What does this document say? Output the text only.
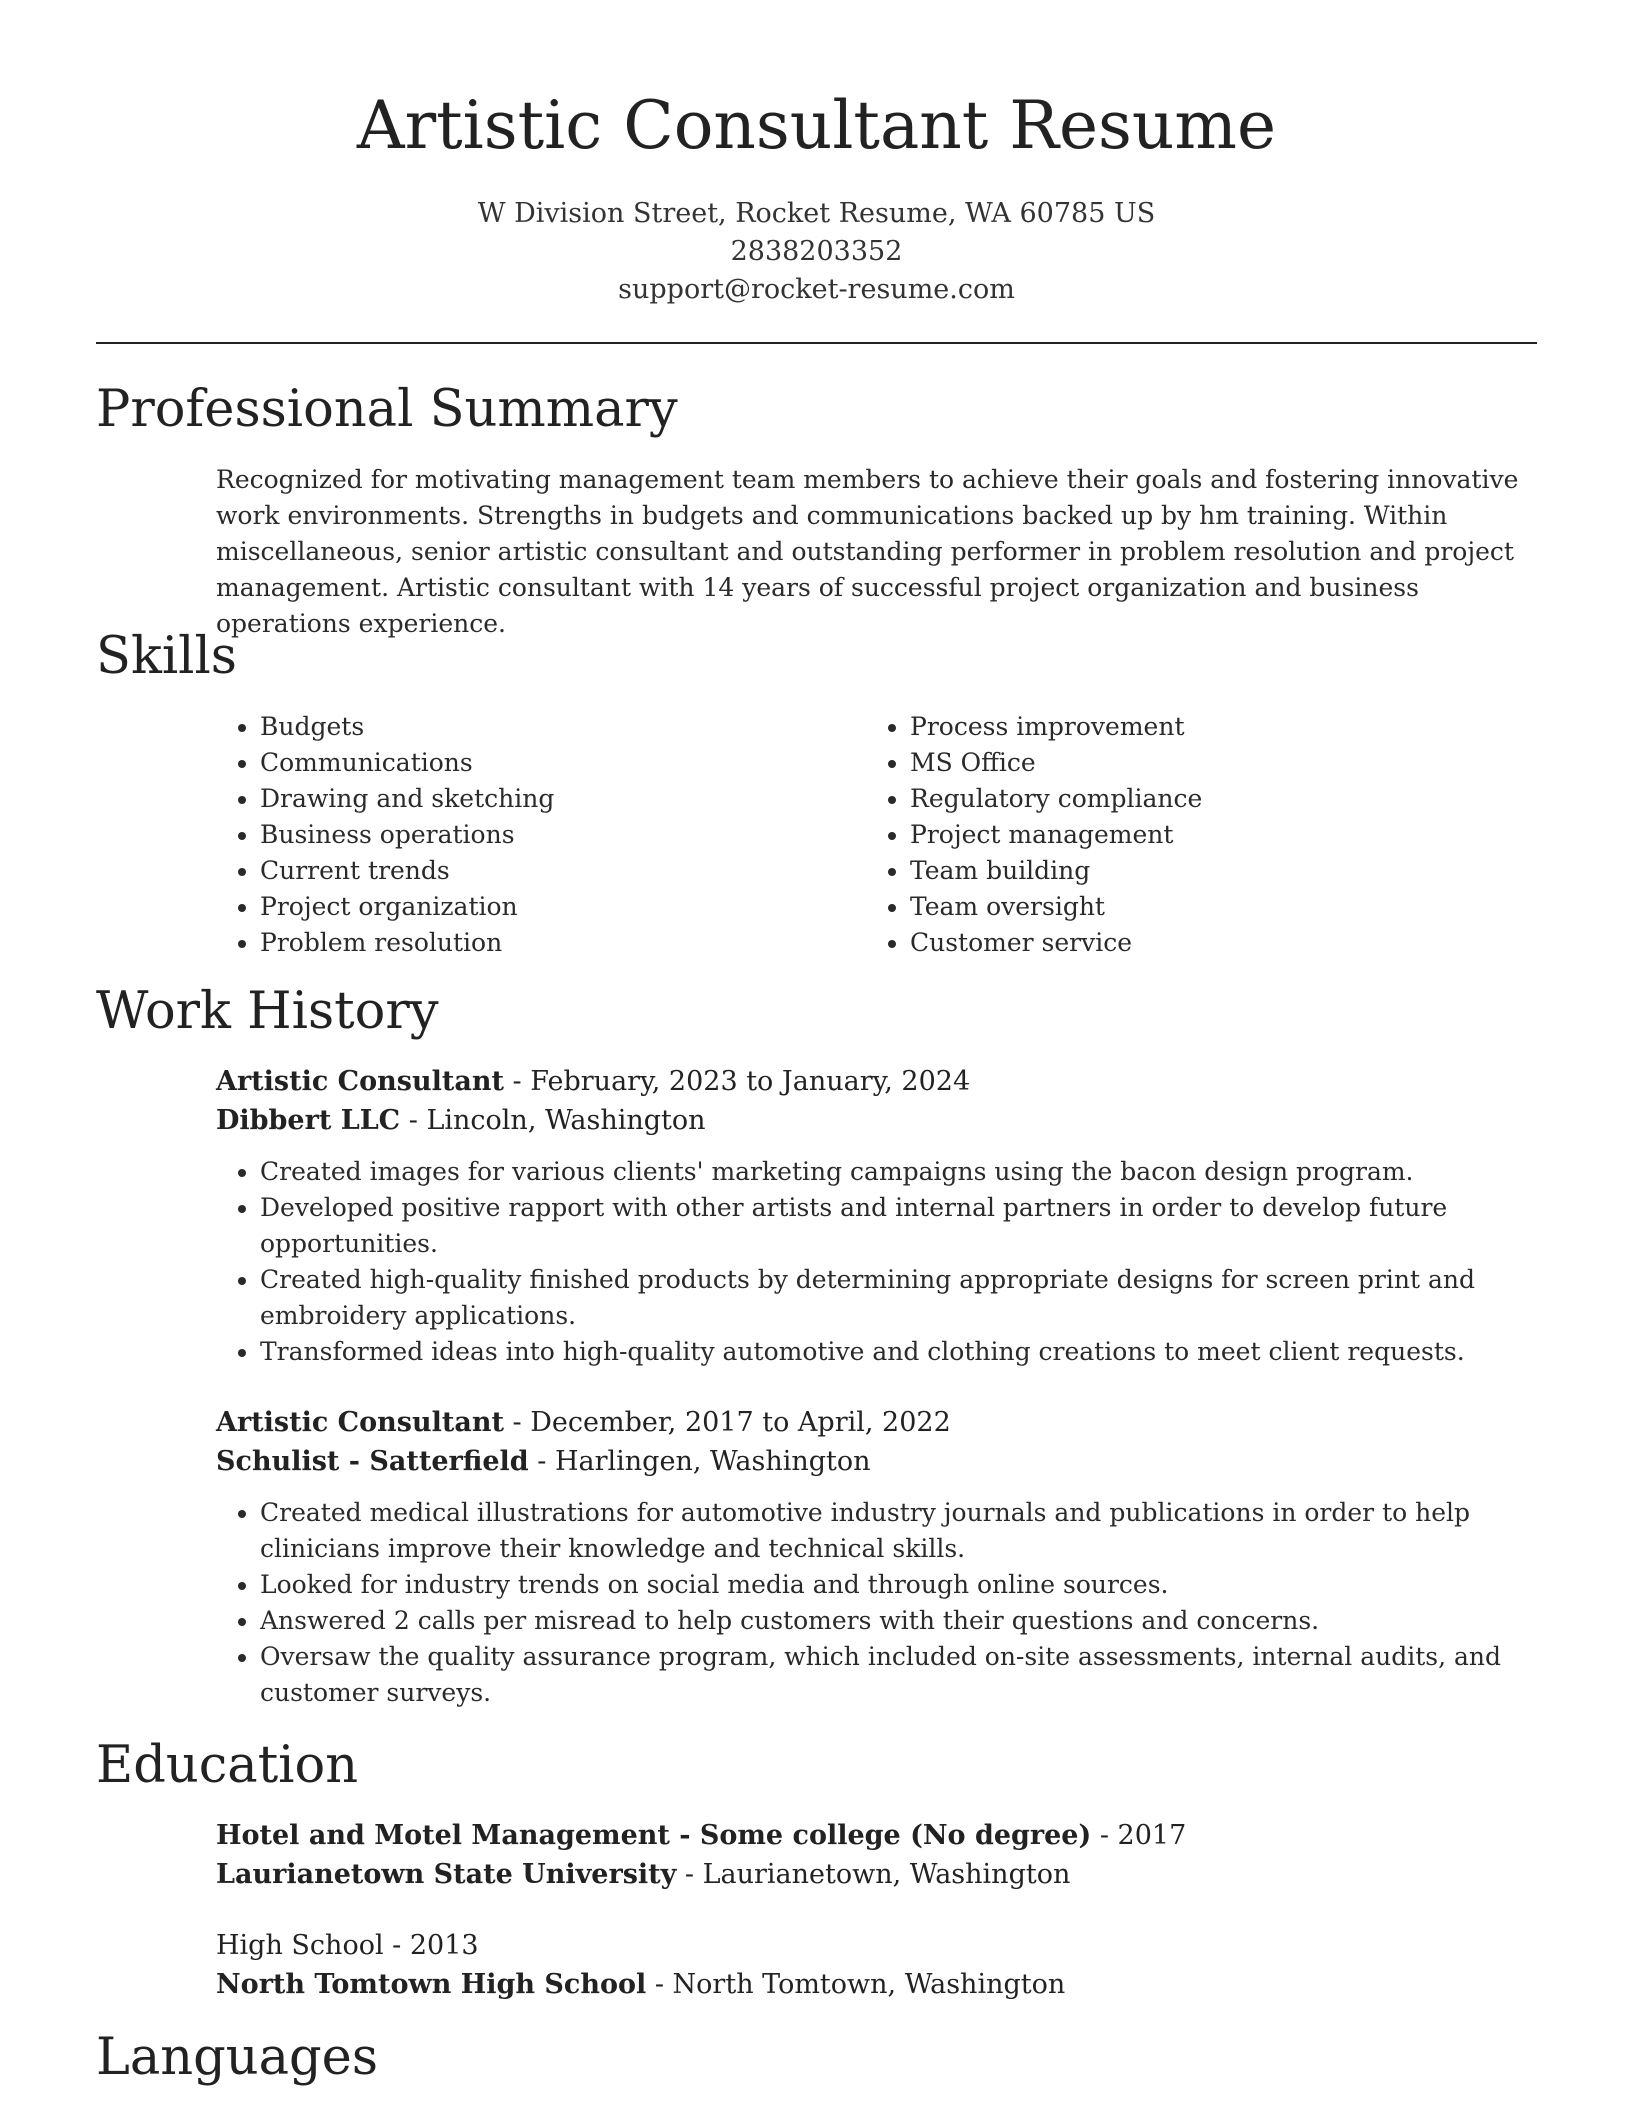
Artistic Consultant Resume
W Division Street, Rocket Resume, WA 60785 US
2838203352
support@rocket-resume.com
Professional Summary

Recognized for motivating management team members to achieve their goals and fostering innovative work environments. Strengths in budgets and communications backed up by hm training. Within miscellaneous, senior artistic consultant and outstanding performer in problem resolution and project management. Artistic consultant with 14 years of successful project organization and business operations experience.

Skills
• Budgets
• Communications
• Drawing and sketching
• Business operations
• Current trends
• Project organization
• Problem resolution
• Process improvement
• MS Office
• Regulatory compliance
• Project management
• Team building
• Team oversight
• Customer service
Work History

Artistic Consultant - February, 2023 to January, 2024

Dibbert LLC - Lincoln, Washington

• Created images for various clients' marketing campaigns using the bacon design program.
• Developed positive rapport with other artists and internal partners in order to develop future opportunities.
• Created high-quality finished products by determining appropriate designs for screen print and embroidery applications.
• Transformed ideas into high-quality automotive and clothing creations to meet client requests.

Artistic Consultant - December, 2017 to April, 2022

Schulist - Satterfield - Harlingen, Washington

• Created medical illustrations for automotive industry journals and publications in order to help clinicians improve their knowledge and technical skills.
• Looked for industry trends on social media and through online sources.
• Answered 2 calls per misread to help customers with their questions and concerns.
• Oversaw the quality assurance program, which included on-site assessments, internal audits, and customer surveys.
Education

Hotel and Motel Management - Some college (No degree) - 2017

Laurianetown State University - Laurianetown, Washington

High School - 2013

North Tomtown High School - North Tomtown, Washington

Languages
